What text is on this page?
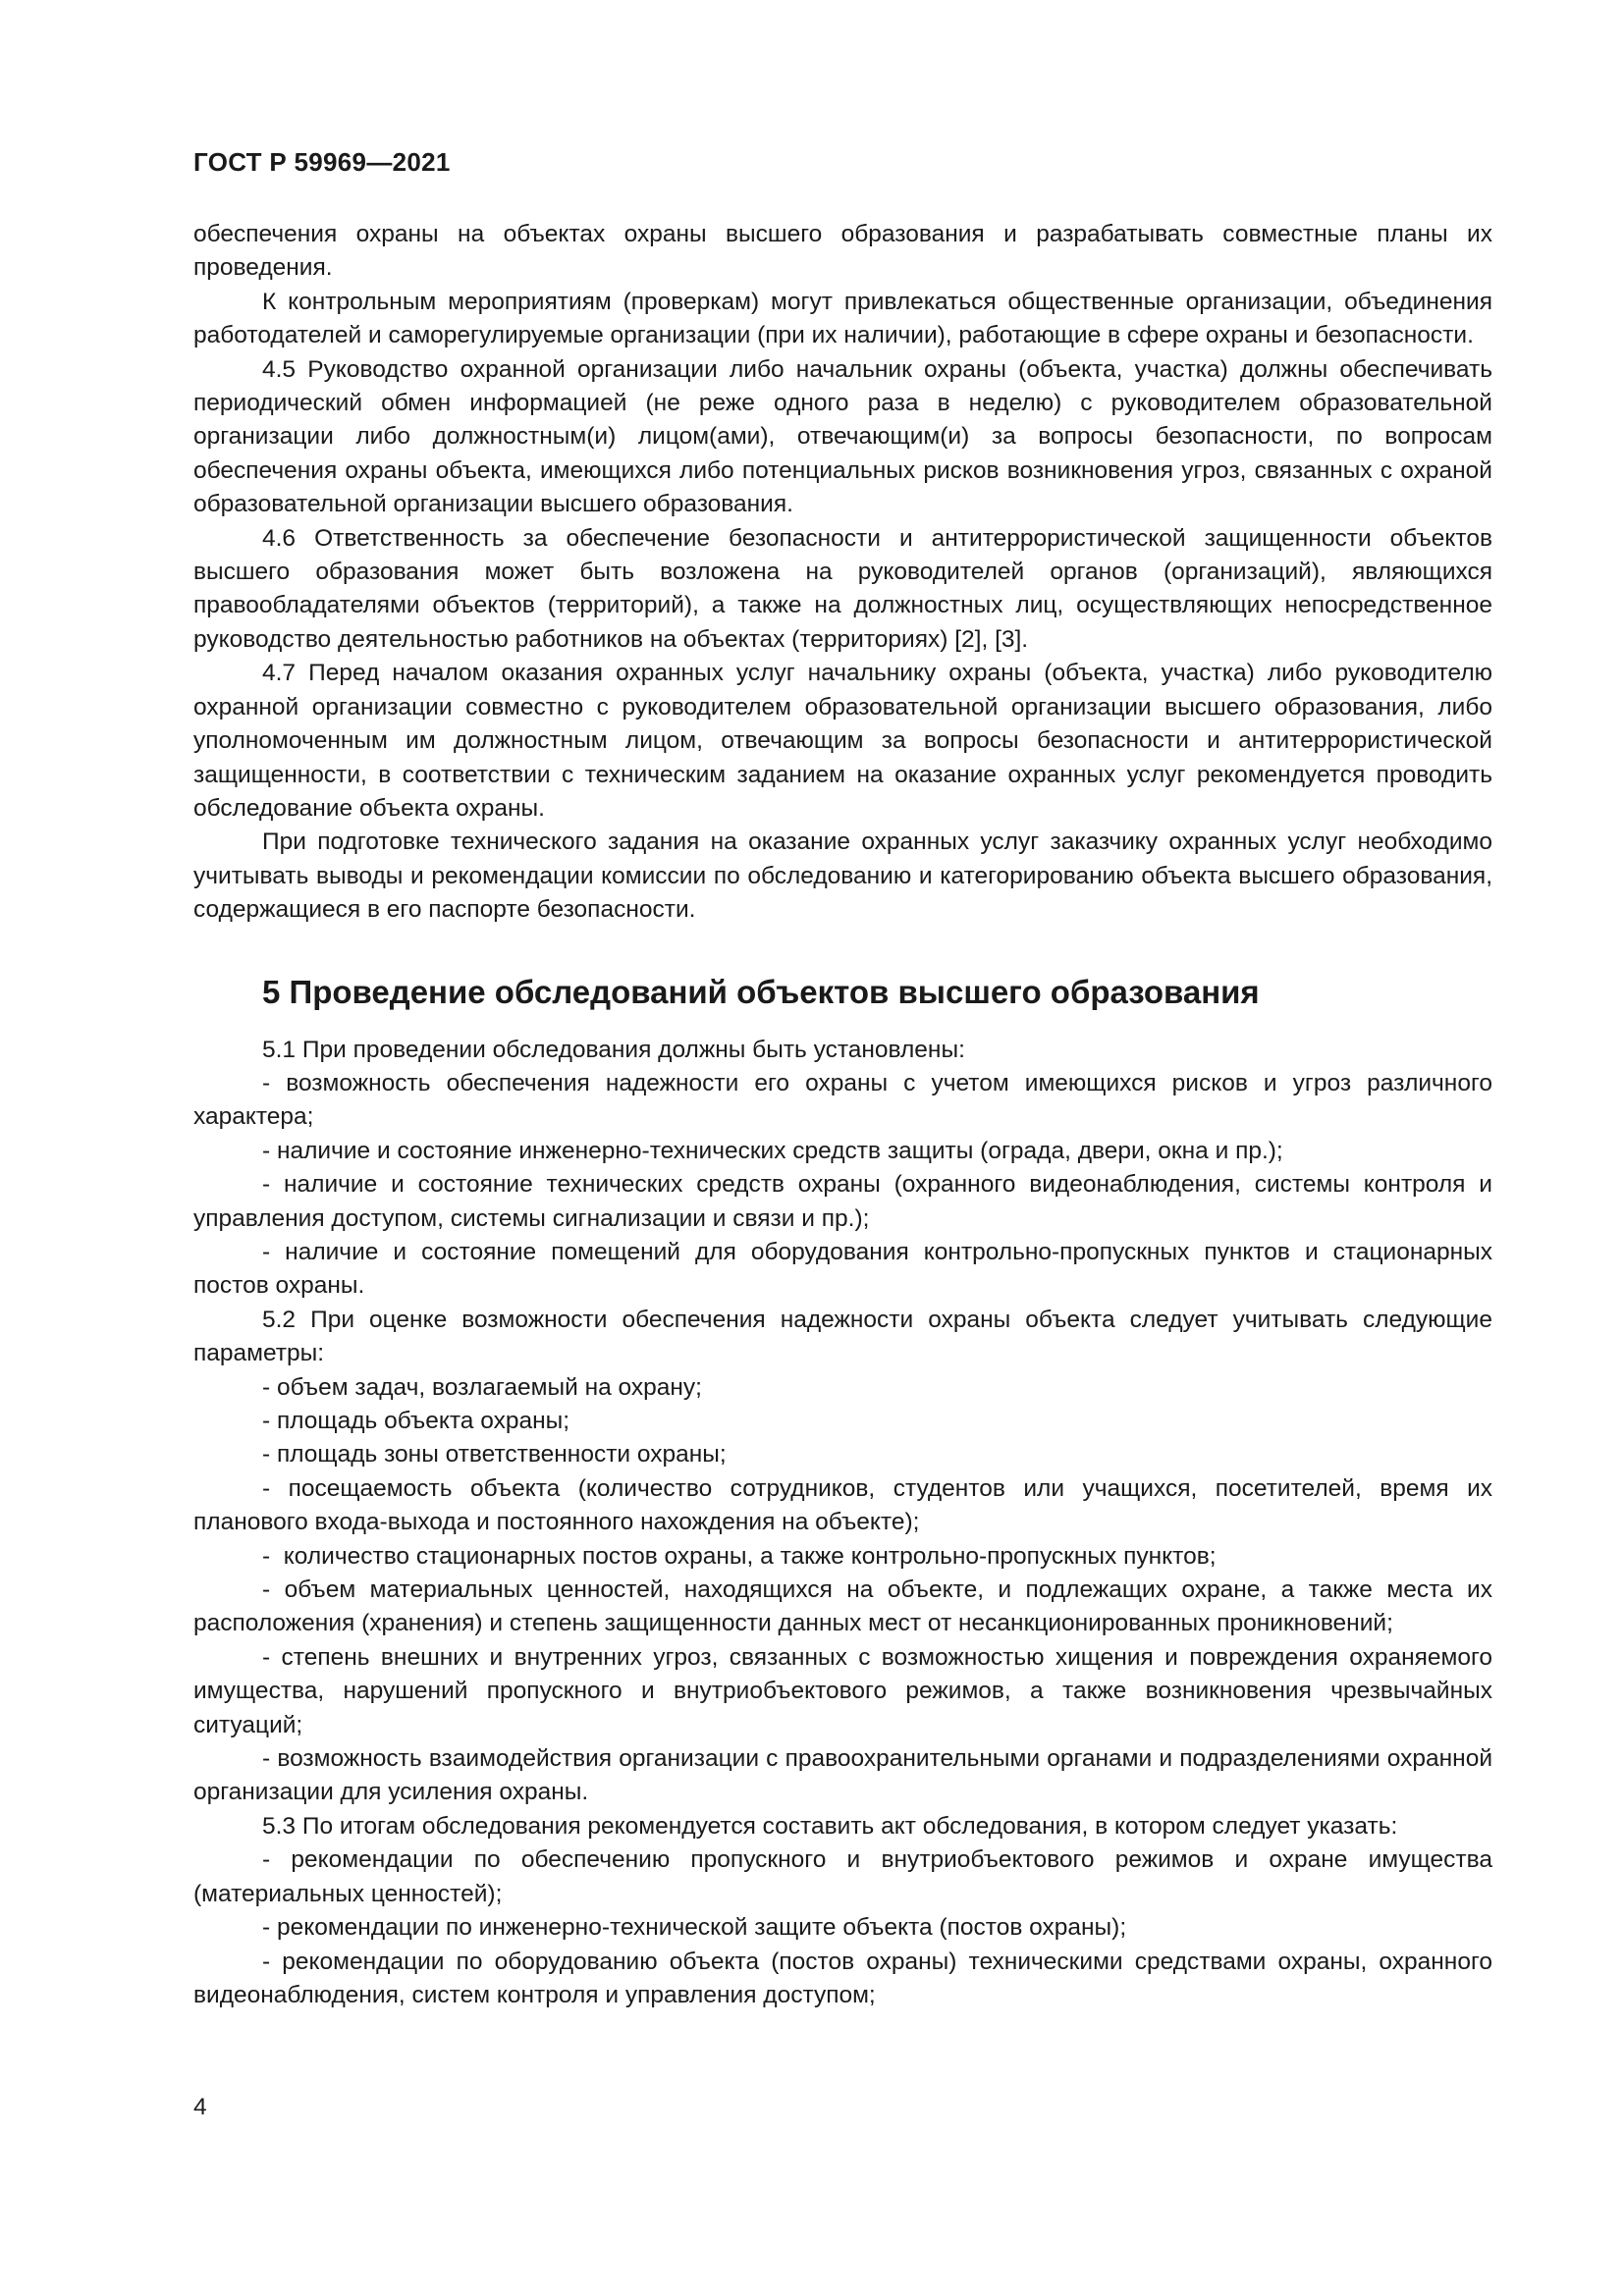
ГОСТ Р 59969—2021

обеспечения охраны на объектах охраны высшего образования и разрабатывать совместные планы их проведения.

К контрольным мероприятиям (проверкам) могут привлекаться общественные организации, объединения работодателей и саморегулируемые организации (при их наличии), работающие в сфере охраны и безопасности.

4.5 Руководство охранной организации либо начальник охраны (объекта, участка) должны обеспечивать периодический обмен информацией (не реже одного раза в неделю) с руководителем образовательной организации либо должностным(и) лицом(ами), отвечающим(и) за вопросы безопасности, по вопросам обеспечения охраны объекта, имеющихся либо потенциальных рисков возникновения угроз, связанных с охраной образовательной организации высшего образования.

4.6 Ответственность за обеспечение безопасности и антитеррористической защищенности объектов высшего образования может быть возложена на руководителей органов (организаций), являющихся правообладателями объектов (территорий), а также на должностных лиц, осуществляющих непосредственное руководство деятельностью работников на объектах (территориях) [2], [3].

4.7 Перед началом оказания охранных услуг начальнику охраны (объекта, участка) либо руководителю охранной организации совместно с руководителем образовательной организации высшего образования, либо уполномоченным им должностным лицом, отвечающим за вопросы безопасности и антитеррористической защищенности, в соответствии с техническим заданием на оказание охранных услуг рекомендуется проводить обследование объекта охраны.

При подготовке технического задания на оказание охранных услуг заказчику охранных услуг необходимо учитывать выводы и рекомендации комиссии по обследованию и категорированию объекта высшего образования, содержащиеся в его паспорте безопасности.

5 Проведение обследований объектов высшего образования

5.1 При проведении обследования должны быть установлены:

- возможность обеспечения надежности его охраны с учетом имеющихся рисков и угроз различного характера;

- наличие и состояние инженерно-технических средств защиты (ограда, двери, окна и пр.);

- наличие и состояние технических средств охраны (охранного видеонаблюдения, системы контроля и управления доступом, системы сигнализации и связи и пр.);

- наличие и состояние помещений для оборудования контрольно-пропускных пунктов и стационарных постов охраны.

5.2 При оценке возможности обеспечения надежности охраны объекта следует учитывать следующие параметры:

- объем задач, возлагаемый на охрану;

- площадь объекта охраны;

- площадь зоны ответственности охраны;

- посещаемость объекта (количество сотрудников, студентов или учащихся, посетителей, время их планового входа-выхода и постоянного нахождения на объекте);

-  количество стационарных постов охраны, а также контрольно-пропускных пунктов;

- объем материальных ценностей, находящихся на объекте, и подлежащих охране, а также места их расположения (хранения) и степень защищенности данных мест от несанкционированных проникновений;

- степень внешних и внутренних угроз, связанных с возможностью хищения и повреждения охраняемого имущества, нарушений пропускного и внутриобъектового режимов, а также возникновения чрезвычайных ситуаций;

- возможность взаимодействия организации с правоохранительными органами и подразделениями охранной организации для усиления охраны.

5.3 По итогам обследования рекомендуется составить акт обследования, в котором следует указать:

- рекомендации по обеспечению пропускного и внутриобъектового режимов и охране имущества (материальных ценностей);

- рекомендации по инженерно-технической защите объекта (постов охраны);

- рекомендации по оборудованию объекта (постов охраны) техническими средствами охраны, охранного видеонаблюдения, систем контроля и управления доступом;

4
